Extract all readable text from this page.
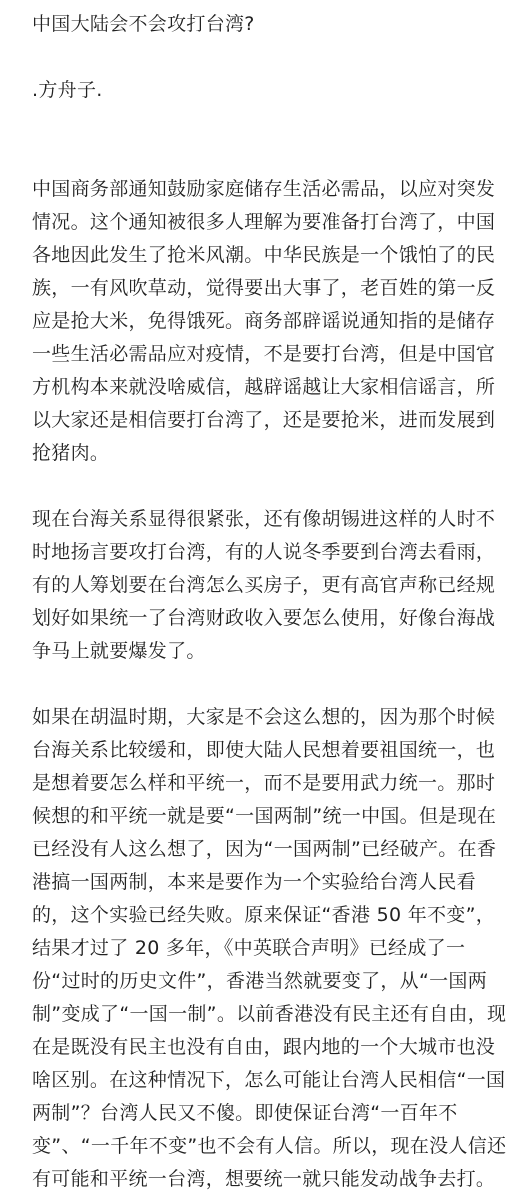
中国大陆会不会攻打台湾?
.方舟子.

中国商务部通知鼓励家庭储存生活必需品，以应对突发情况。这个通知被很多人理解为要准备打台湾了，中国各地因此发生了抢米风潮。中华民族是一个饿怕了的民族，一有风吹草动，觉得要出大事了，老百姓的第一反应是抢大米，免得饿死。商务部辟谣说通知指的是储存一些生活必需品应对疫情，不是要打台湾，但是中国官方机构本来就没啥威信，越辟谣越让大家相信谣言，所以大家还是相信要打台湾了，还是要抢米，进而发展到抢猪肉。

现在台海关系显得很紧张，还有像胡锡进这样的人时不时地扬言要攻打台湾，有的人说冬季要到台湾去看雨，有的人筹划要在台湾怎么买房子，更有高官声称已经规划好如果统一了台湾财政收入要怎么使用，好像台海战争马上就要爆发了。

如果在胡温时期，大家是不会这么想的，因为那个时候台海关系比较缓和，即使大陆人民想着要祖国统一，也是想着要怎么样和平统一，而不是要用武力统一。那时候想的和平统一就是要“一国两制”统一中国。但是现在已经没有人这么想了，因为“一国两制”已经破产。在香港搞一国两制，本来是要作为一个实验给台湾人民看的，这个实验已经失败。原来保证“香港 50 年不变”，结果才过了 20 多年，《中英联合声明》已经成了一份“过时的历史文件”，香港当然就要变了，从“一国两制”变成了“一国一制”。以前香港没有民主还有自由，现在是既没有民主也没有自由，跟内地的一个大城市也没啥区别。在这种情况下，怎么可能让台湾人民相信“一国两制”？台湾人民又不傻。即使保证台湾“一百年不变”、“一千年不变”也不会有人信。所以，现在没人信还有可能和平统一台湾，想要统一就只能发动战争去打。
